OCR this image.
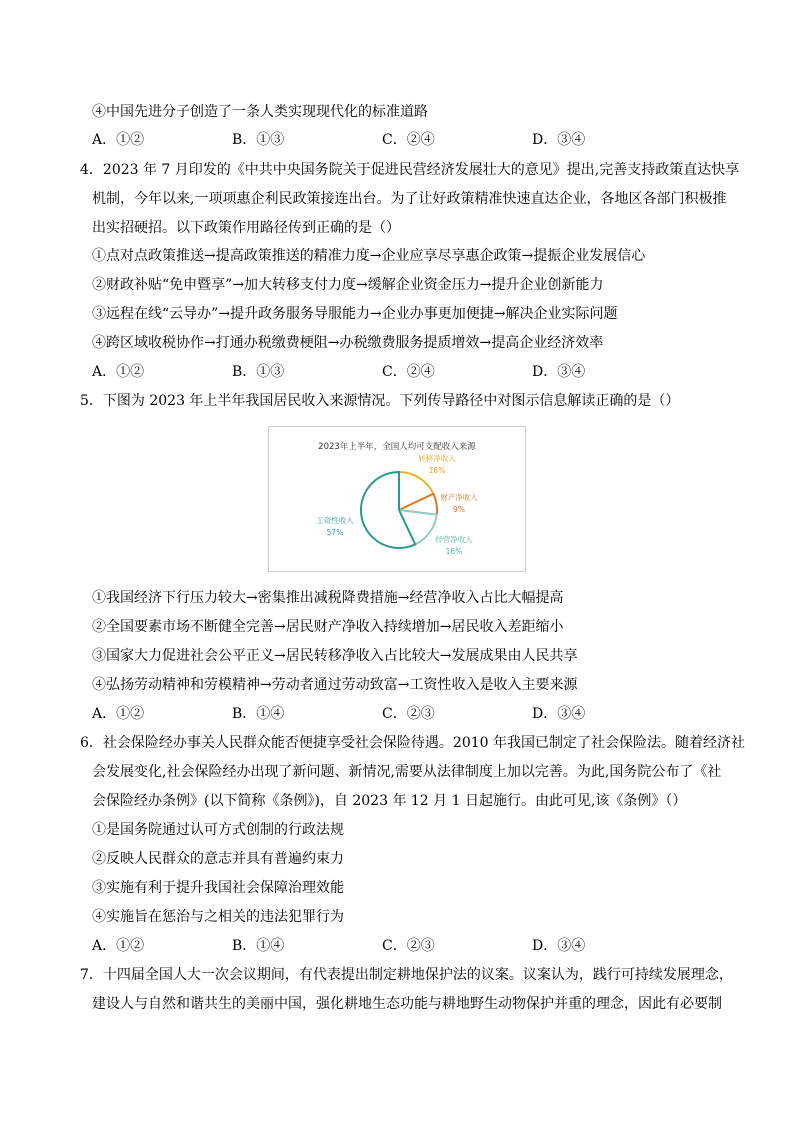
④中国先进分子创造了一条人类实现现代化的标准道路
A．①②	B．①③	C．②④	D．③④
4．2023 年 7 月印发的《中共中央国务院关于促进民营经济发展壮大的意见》提出,完善支持政策直达快享
机制，今年以来,一项项惠企利民政策接连出台。为了让好政策精准快速直达企业，各地区各部门积极推
出实招硬招。以下政策作用路径传到正确的是（）
①点对点政策推送→提高政策推送的精准力度→企业应享尽享惠企政策→提振企业发展信心
②财政补贴“免申暨享”→加大转移支付力度→缓解企业资金压力→提升企业创新能力
③远程在线“云导办”→提升政务服务导服能力→企业办事更加便捷→解决企业实际问题
④跨区域收税协作→打通办税缴费梗阻→办税缴费服务提质增效→提高企业经济效率
A．①②	B．①③	C．②④	D．③④
5．下图为 2023 年上半年我国居民收入来源情况。下列传导路径中对图示信息解读正确的是（）
2023年上半年，全国人均可支配收入来源
转移净收入
18%
财产净收入
9%
经营净收入
16%
工资性收入
57%
①我国经济下行压力较大→密集推出减税降费措施→经营净收入占比大幅提高
②全国要素市场不断健全完善→居民财产净收入持续增加→居民收入差距缩小
③国家大力促进社会公平正义→居民转移净收入占比较大→发展成果由人民共享
④弘扬劳动精神和劳模精神→劳动者通过劳动致富→工资性收入是收入主要来源
A．①②	B．①④	C．②③	D．③④
6．社会保险经办事关人民群众能否便捷享受社会保险待遇。2010 年我国已制定了社会保险法。随着经济社
会发展变化,社会保险经办出现了新问题、新情况,需要从法律制度上加以完善。为此,国务院公布了《社
会保险经办条例》(以下简称《条例》)，自 2023 年 12 月 1 日起施行。由此可见,该《条例》（）
①是国务院通过认可方式创制的行政法规
②反映人民群众的意志并具有普遍约束力
③实施有利于提升我国社会保障治理效能
④实施旨在惩治与之相关的违法犯罪行为
A．①②	B．①④	C．②③	D．③④
7．十四届全国人大一次会议期间，有代表提出制定耕地保护法的议案。议案认为，践行可持续发展理念，
建设人与自然和谐共生的美丽中国，强化耕地生态功能与耕地野生动物保护并重的理念，因此有必要制
